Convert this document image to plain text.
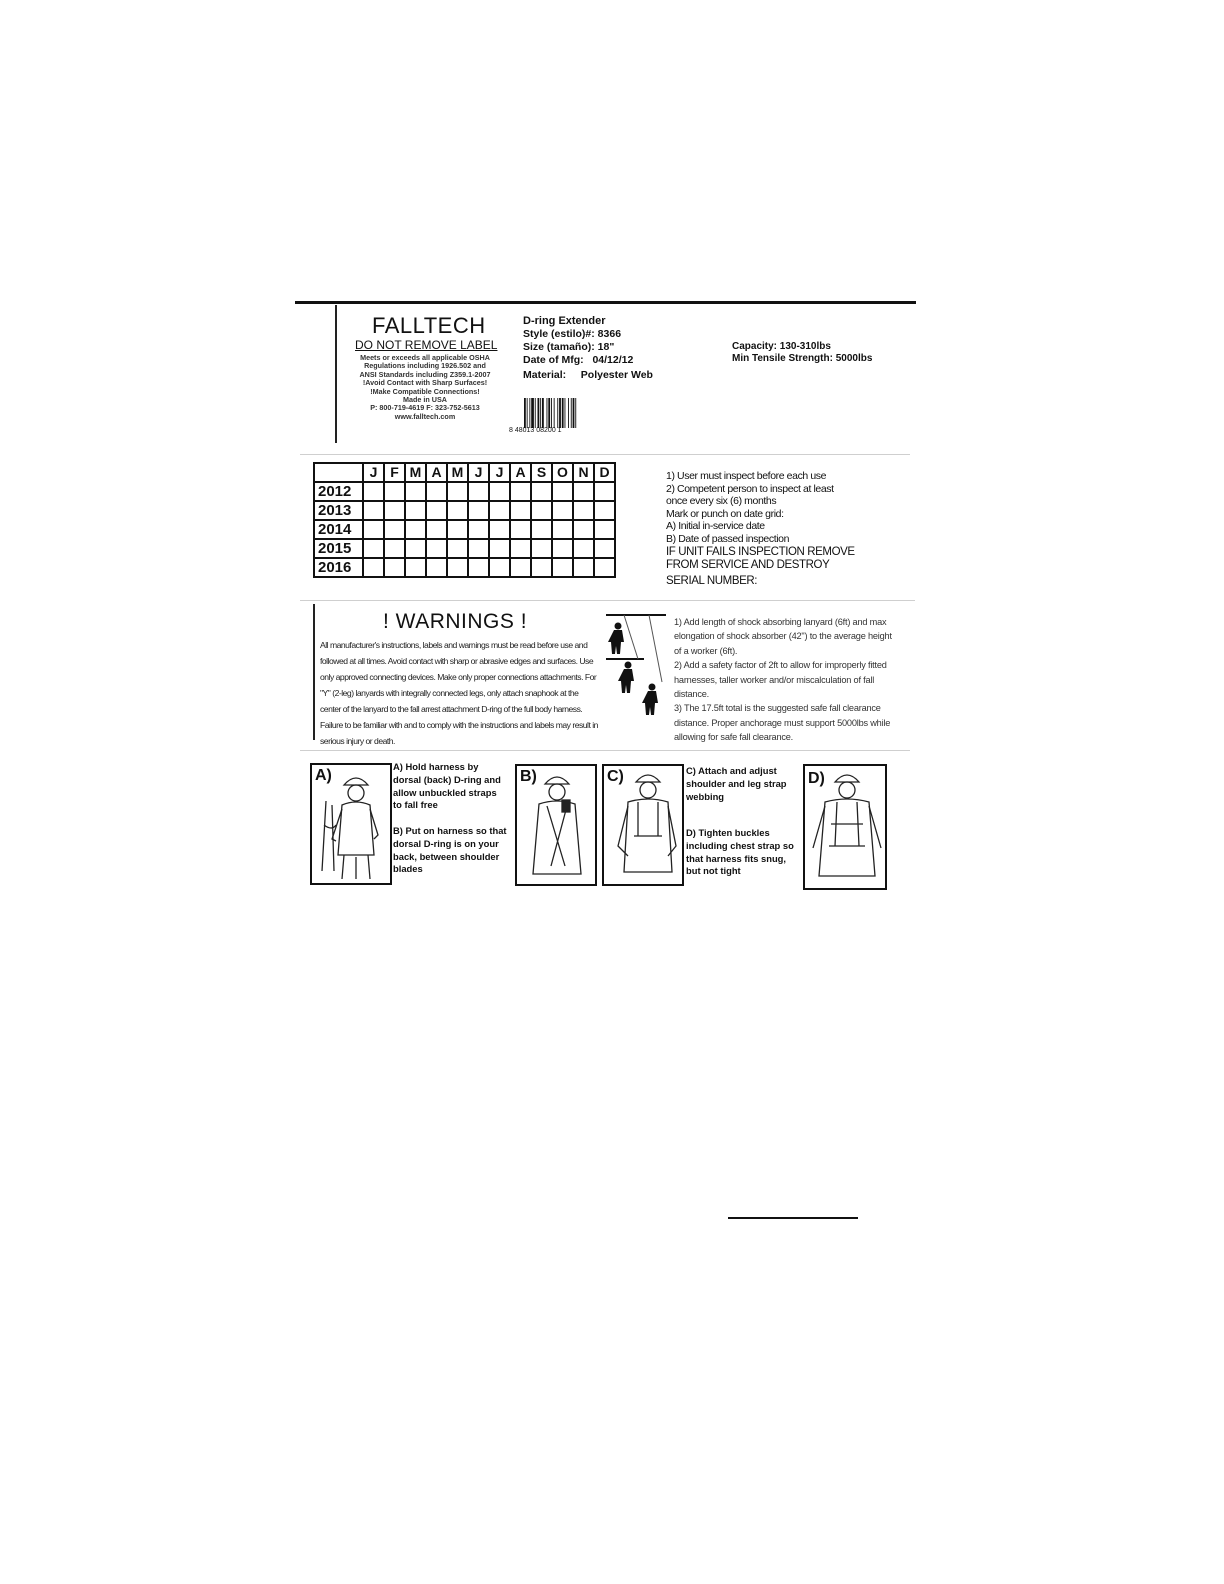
FALLTECH
DO NOT REMOVE LABEL
Meets or exceeds all applicable OSHA
Regulations including 1926.502 and
ANSI Standards including Z359.1-2007
!Avoid Contact with Sharp Surfaces!
!Make Compatible Connections!
Made in USA
P: 800-719-4619 F: 323-752-5613
www.falltech.com
D-ring Extender
Style (estilo)#: 8366
Size (tamaño): 18"
Date of Mfg: 04/12/12
Material: Polyester Web
8 48013 08200 1
Capacity: 130-310lbs
Min Tensile Strength: 5000lbs
	J	F	M	A	M	J	J	A	S	O	N	D
2012												
2013												
2014												
2015												
2016												
1) User must inspect before each use
2) Competent person to inspect at least
once every six (6) months
Mark or punch on date grid:
A) Initial in-service date
B) Date of passed inspection
IF UNIT FAILS INSPECTION REMOVE
FROM SERVICE AND DESTROY
SERIAL NUMBER:
! WARNINGS !
All manufacturer's instructions, labels and warnings must be read before use and followed at all times. Avoid contact with sharp or abrasive edges and surfaces. Use only approved connecting devices. Make only proper connections attachments. For "Y" (2-leg) lanyards with integrally connected legs, only attach snaphook at the center of the lanyard to the fall arrest attachment D-ring of the full body harness. Failure to be familiar with and to comply with the instructions and labels may result in serious injury or death.
1) Add length of shock absorbing lanyard (6ft) and max elongation of shock absorber (42") to the average height of a worker (6ft).
2) Add a safety factor of 2ft to allow for improperly fitted harnesses, taller worker and/or miscalculation of fall distance.
3) The 17.5ft total is the suggested safe fall clearance distance. Proper anchorage must support 5000lbs while allowing for safe fall clearance.
A)
A) Hold harness by dorsal (back) D-ring and allow unbuckled straps to fall free
B) Put on harness so that dorsal D-ring is on your back, between shoulder blades
B)	C)	C) Attach and adjust shoulder and leg strap webbing
D) Tighten buckles including chest strap so that harness fits snug, but not tight
D)
